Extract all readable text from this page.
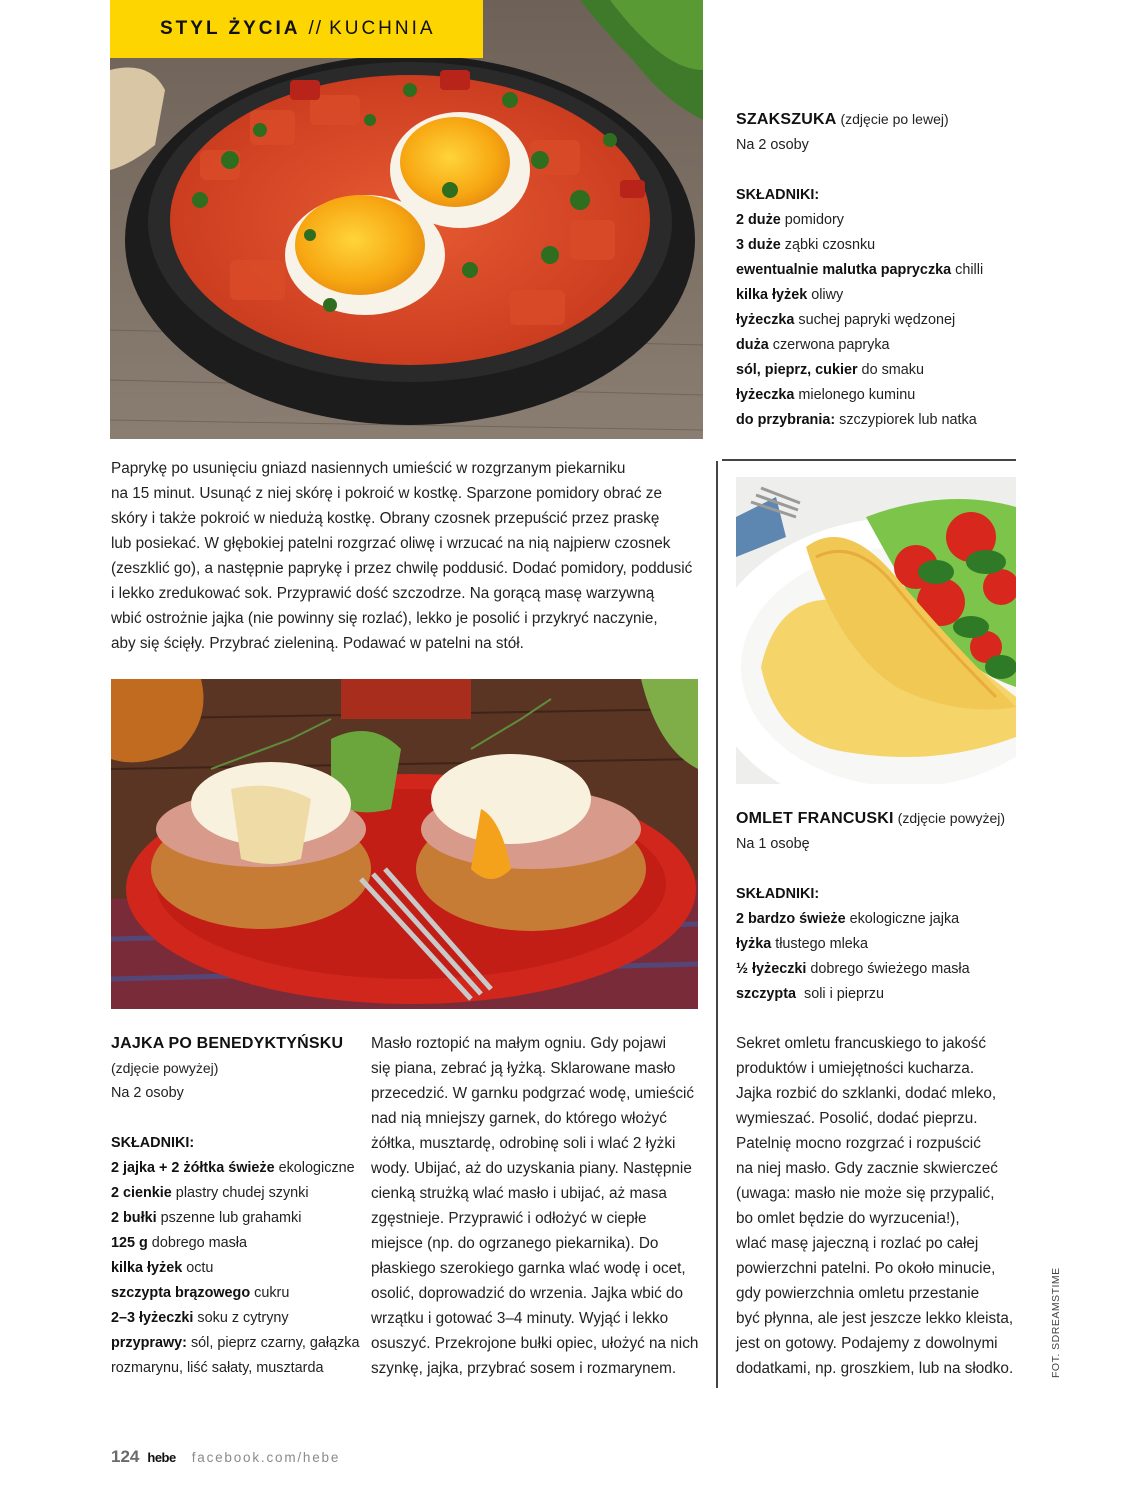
STYL ŻYCIA // KUCHNIA
SZAKSZUKA (zdjęcie po lewej)
Na 2 osoby
SKŁADNIKI:
2 duże pomidory
3 duże ząbki czosnku
ewentualnie malutka papryczka chilli
kilka łyżek oliwy
łyżeczka suchej papryki wędzonej
duża czerwona papryka
sól, pieprz, cukier do smaku
łyżeczka mielonego kuminu
do przybrania: szczypiorek lub natka
Paprykę po usunięciu gniazd nasiennych umieścić w rozgrzanym piekarniku
na 15 minut. Usunąć z niej skórę i pokroić w kostkę. Sparzone pomidory obrać ze
skóry i także pokroić w niedużą kostkę. Obrany czosnek przepuścić przez praskę
lub posiekać. W głębokiej patelni rozgrzać oliwę i wrzucać na nią najpierw czosnek
(zeszklić go), a następnie paprykę i przez chwilę poddusić. Dodać pomidory, poddusić
i lekko zredukować sok. Przyprawić dość szczodrze. Na gorącą masę warzywną
wbić ostrożnie jajka (nie powinny się rozlać), lekko je posolić i przykryć naczynie,
aby się ścięły. Przybrać zieleniną. Podawać w patelni na stół.
OMLET FRANCUSKI (zdjęcie powyżej)
Na 1 osobę
SKŁADNIKI:
2 bardzo świeże ekologiczne jajka
łyżka tłustego mleka
½ łyżeczki dobrego świeżego masła
szczypta  soli i pieprzu
Sekret omletu francuskiego to jakość
produktów i umiejętności kucharza.
Jajka rozbić do szklanki, dodać mleko,
wymieszać. Posolić, dodać pieprzu.
Patelnię mocno rozgrzać i rozpuścić
na niej masło. Gdy zacznie skwierczeć
(uwaga: masło nie może się przypalić,
bo omlet będzie do wyrzucenia!),
wlać masę jajeczną i rozlać po całej
powierzchni patelni. Po około minucie,
gdy powierzchnia omletu przestanie
być płynna, ale jest jeszcze lekko kleista,
jest on gotowy. Podajemy z dowolnymi
dodatkami, np. groszkiem, lub na słodko.
JAJKA PO BENEDYKTYŃSKU
(zdjęcie powyżej)
Na 2 osoby
SKŁADNIKI:
2 jajka + 2 żółtka świeże ekologiczne
2 cienkie plastry chudej szynki
2 bułki pszenne lub grahamki
125 g dobrego masła
kilka łyżek octu
szczypta brązowego cukru
2–3 łyżeczki soku z cytryny
przyprawy: sól, pieprz czarny, gałązka
rozmarynu, liść sałaty, musztarda
Masło roztopić na małym ogniu. Gdy pojawi
się piana, zebrać ją łyżką. Sklarowane masło
przecedzić. W garnku podgrzać wodę, umieścić
nad nią mniejszy garnek, do którego włożyć
żółtka, musztardę, odrobinę soli i wlać 2 łyżki
wody. Ubijać, aż do uzyskania piany. Następnie
cienką strużką wlać masło i ubijać, aż masa
zgęstnieje. Przyprawić i odłożyć w ciepłe
miejsce (np. do ogrzanego piekarnika). Do
płaskiego szerokiego garnka wlać wodę i ocet,
osolić, doprowadzić do wrzenia. Jajka wbić do
wrzątku i gotować 3–4 minuty. Wyjąć i lekko
osuszyć. Przekrojone bułki opiec, ułożyć na nich
szynkę, jajka, przybrać sosem i rozmarynem.
124 hebe facebook.com/hebe
FOT. SDREAMSTIME
